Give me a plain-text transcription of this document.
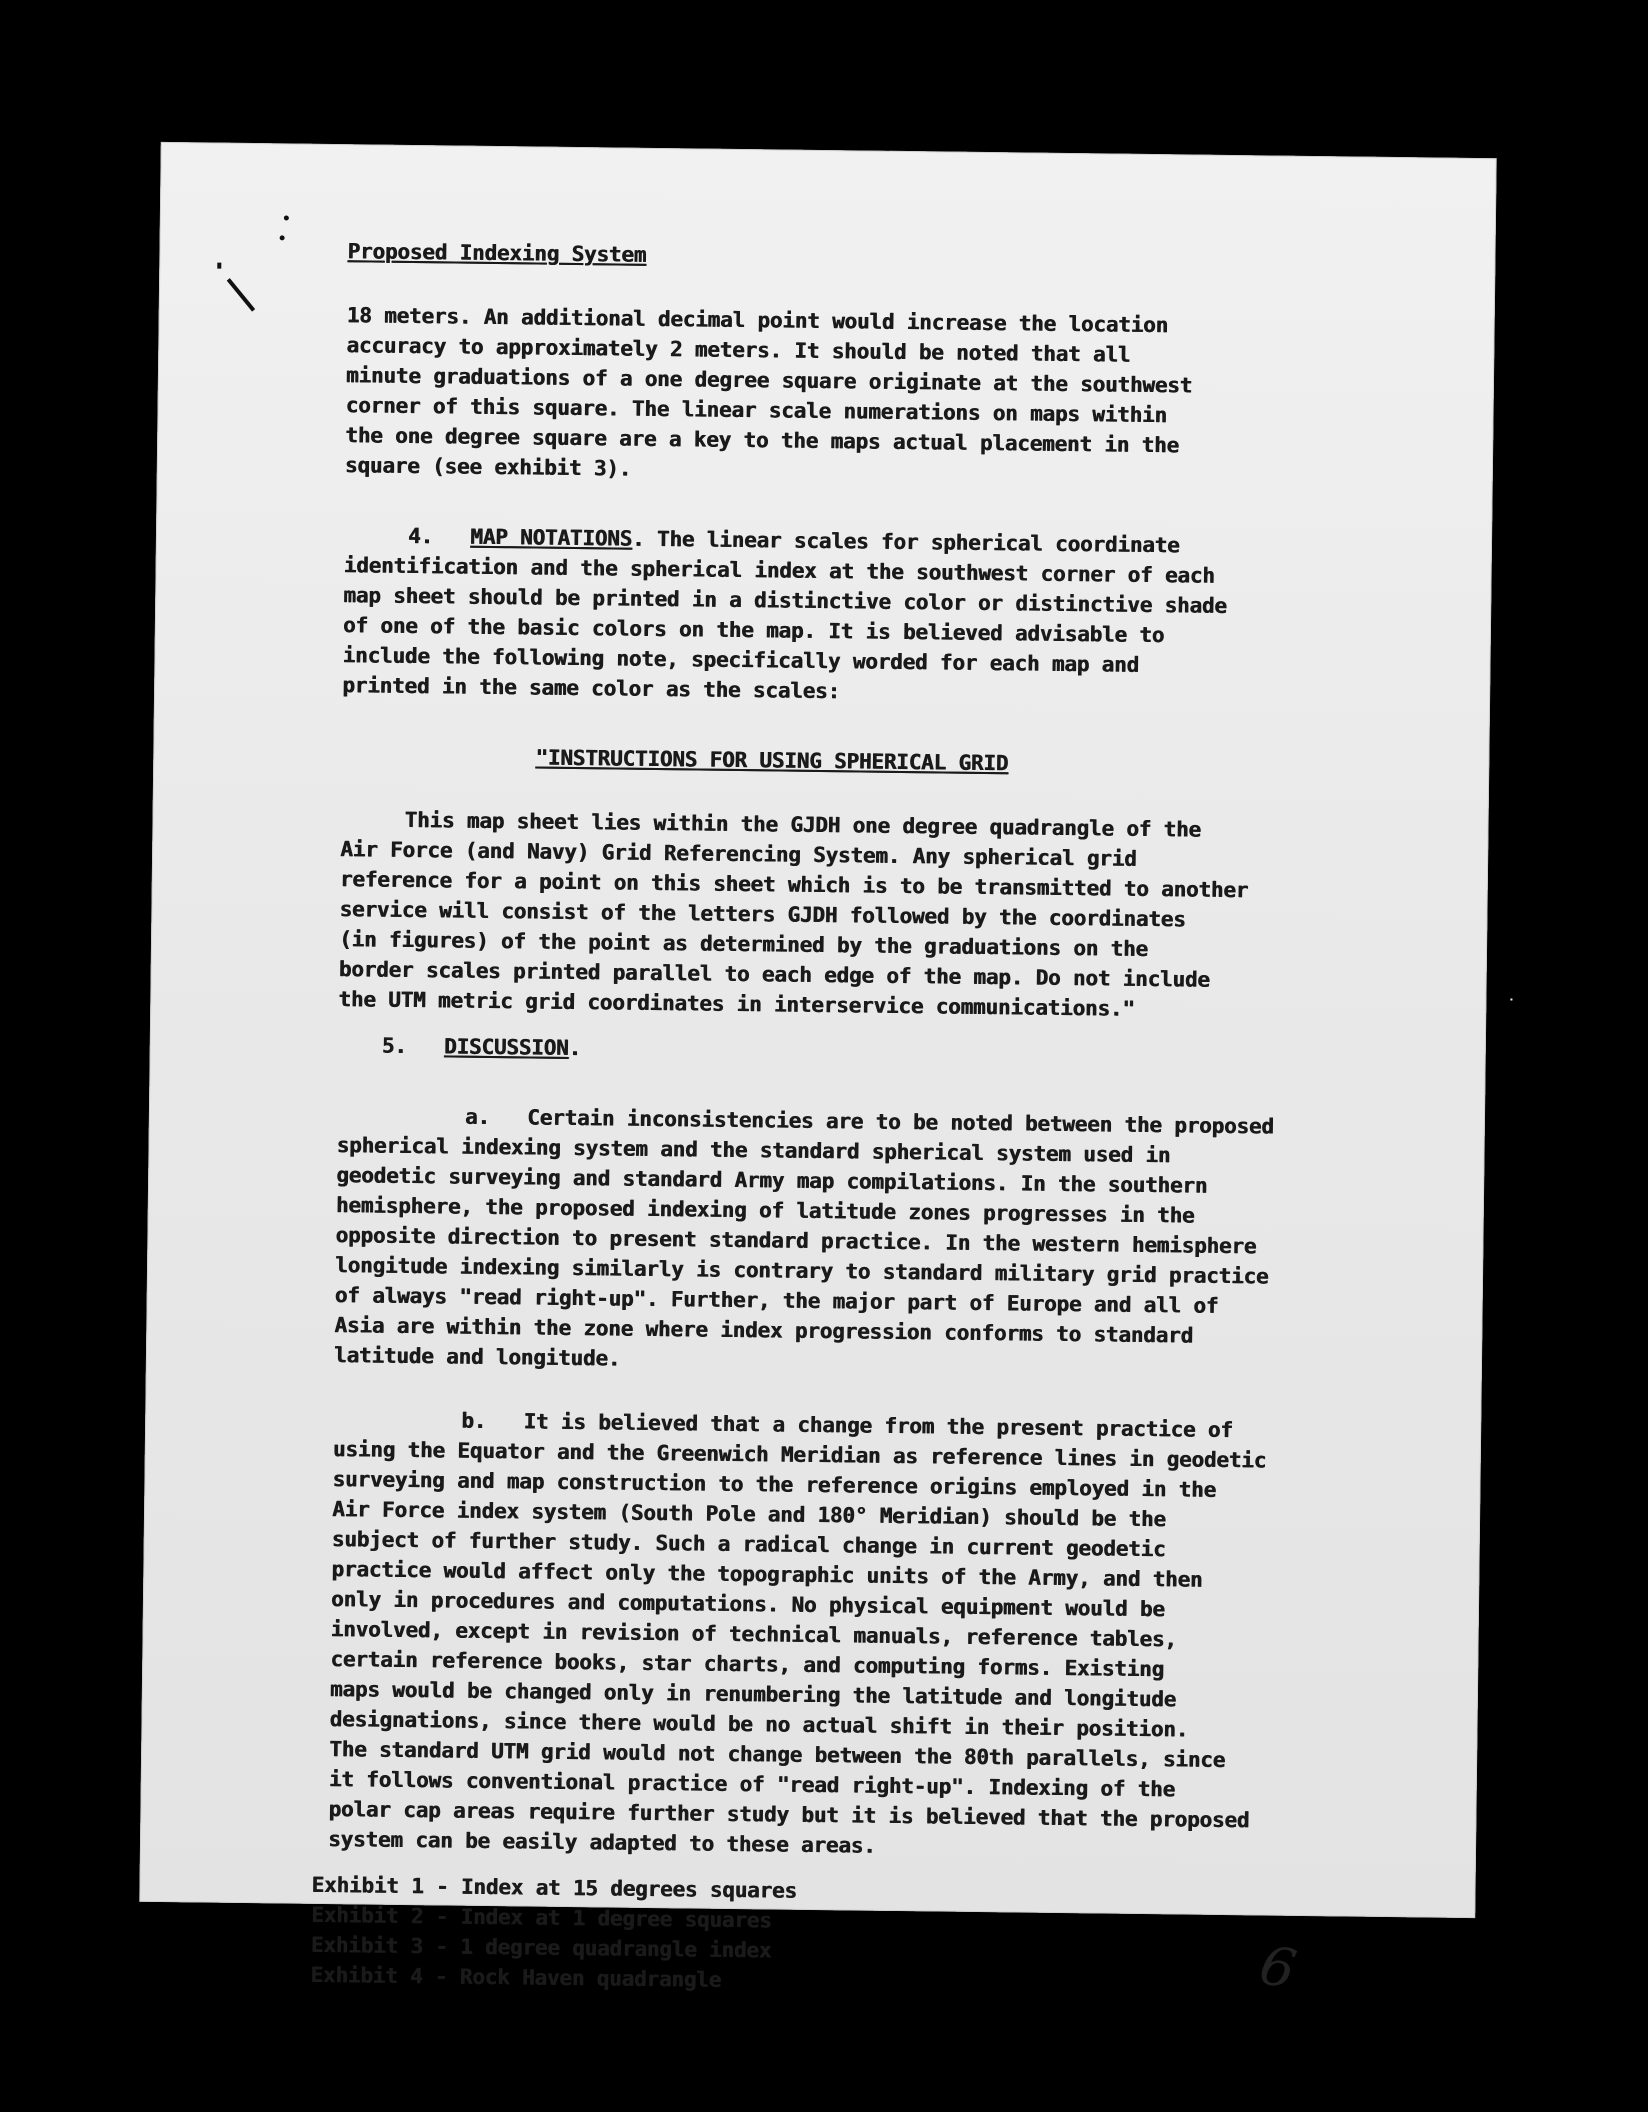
Proposed Indexing System
18 meters. An additional decimal point would increase the location
accuracy to approximately 2 meters. It should be noted that all
minute graduations of a one degree square originate at the southwest
corner of this square. The linear scale numerations on maps within
the one degree square are a key to the maps actual placement in the
square (see exhibit 3).
4. MAP NOTATIONS. The linear scales for spherical coordinate
identification and the spherical index at the southwest corner of each
map sheet should be printed in a distinctive color or distinctive shade
of one of the basic colors on the map. It is believed advisable to
include the following note, specifically worded for each map and
printed in the same color as the scales:
"INSTRUCTIONS FOR USING SPHERICAL GRID
This map sheet lies within the GJDH one degree quadrangle of the
Air Force (and Navy) Grid Referencing System. Any spherical grid
reference for a point on this sheet which is to be transmitted to another
service will consist of the letters GJDH followed by the coordinates
(in figures) of the point as determined by the graduations on the
border scales printed parallel to each edge of the map. Do not include
the UTM metric grid coordinates in interservice communications."
5. DISCUSSION.
a. Certain inconsistencies are to be noted between the proposed
spherical indexing system and the standard spherical system used in
geodetic surveying and standard Army map compilations. In the southern
hemisphere, the proposed indexing of latitude zones progresses in the
opposite direction to present standard practice. In the western hemisphere
longitude indexing similarly is contrary to standard military grid practice
of always "read right-up". Further, the major part of Europe and all of
Asia are within the zone where index progression conforms to standard
latitude and longitude.
b. It is believed that a change from the present practice of
using the Equator and the Greenwich Meridian as reference lines in geodetic
surveying and map construction to the reference origins employed in the
Air Force index system (South Pole and 180° Meridian) should be the
subject of further study. Such a radical change in current geodetic
practice would affect only the topographic units of the Army, and then
only in procedures and computations. No physical equipment would be
involved, except in revision of technical manuals, reference tables,
certain reference books, star charts, and computing forms. Existing
maps would be changed only in renumbering the latitude and longitude
designations, since there would be no actual shift in their position.
The standard UTM grid would not change between the 80th parallels, since
it follows conventional practice of "read right-up". Indexing of the
polar cap areas require further study but it is believed that the proposed
system can be easily adapted to these areas.
Exhibit 1 - Index at 15 degrees squares
Exhibit 2 - Index at 1 degree squares
Exhibit 3 - 1 degree quadrangle index
Exhibit 4 - Rock Haven quadrangle	6
